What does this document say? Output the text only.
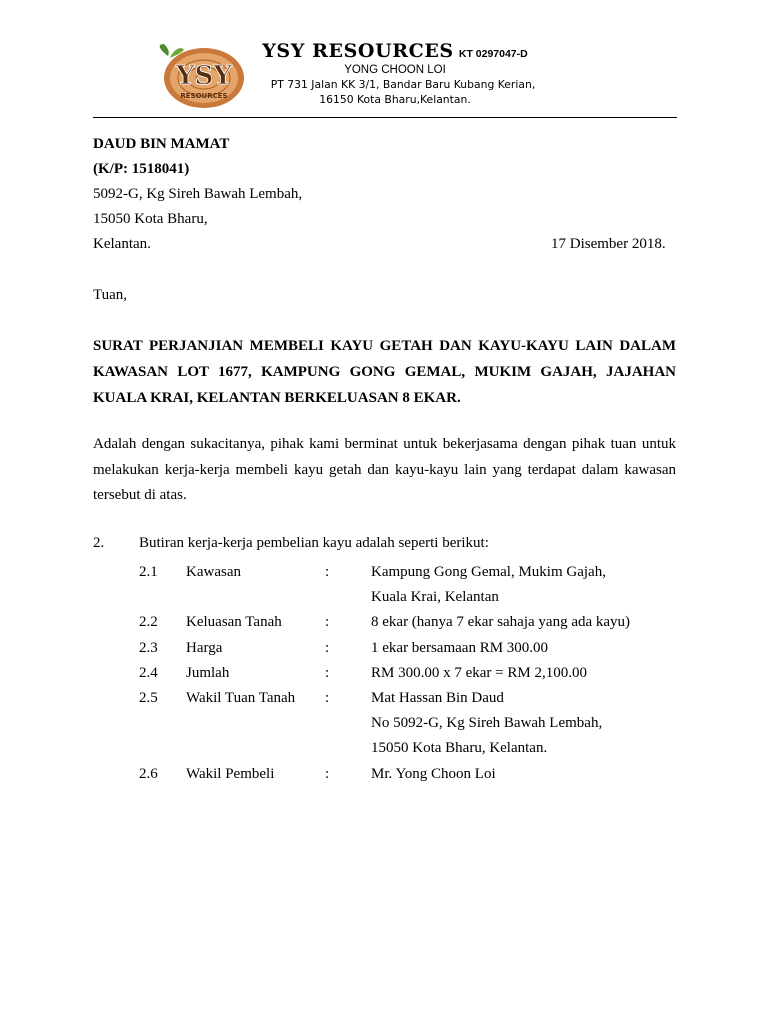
YSY
RESOURCES
YSY RESOURCES KT 0297047-D
YONG CHOON LOI
PT 731 Jalan KK 3/1, Bandar Baru Kubang Kerian,
16150 Kota Bharu,Kelantan.
DAUD BIN MAMAT
(K/P: 1518041)
5092-G, Kg Sireh Bawah Lembah,
15050 Kota Bharu,
Kelantan.	17 Disember 2018.
Tuan,
SURAT PERJANJIAN MEMBELI KAYU GETAH DAN KAYU-KAYU LAIN DALAM KAWASAN LOT 1677, KAMPUNG GONG GEMAL, MUKIM GAJAH, JAJAHAN KUALA KRAI, KELANTAN BERKELUASAN 8 EKAR.
Adalah dengan sukacitanya, pihak kami berminat untuk bekerjasama dengan pihak tuan untuk melakukan kerja-kerja membeli kayu getah dan kayu-kayu lain yang terdapat dalam kawasan tersebut di atas.
2. Butiran kerja-kerja pembelian kayu adalah seperti berikut:
2.1 Kawasan	:	Kampung Gong Gemal, Mukim Gajah,
Kuala Krai, Kelantan
2.2 Keluasan Tanah	:	8 ekar (hanya 7 ekar sahaja yang ada kayu)
2.3 Harga	:	1 ekar bersamaan RM 300.00
2.4 Jumlah	:	RM 300.00 x 7 ekar = RM 2,100.00
2.5 Wakil Tuan Tanah :	Mat Hassan Bin Daud
No 5092-G, Kg Sireh Bawah Lembah,
15050 Kota Bharu, Kelantan.
2.6 Wakil Pembeli	:	Mr. Yong Choon Loi
